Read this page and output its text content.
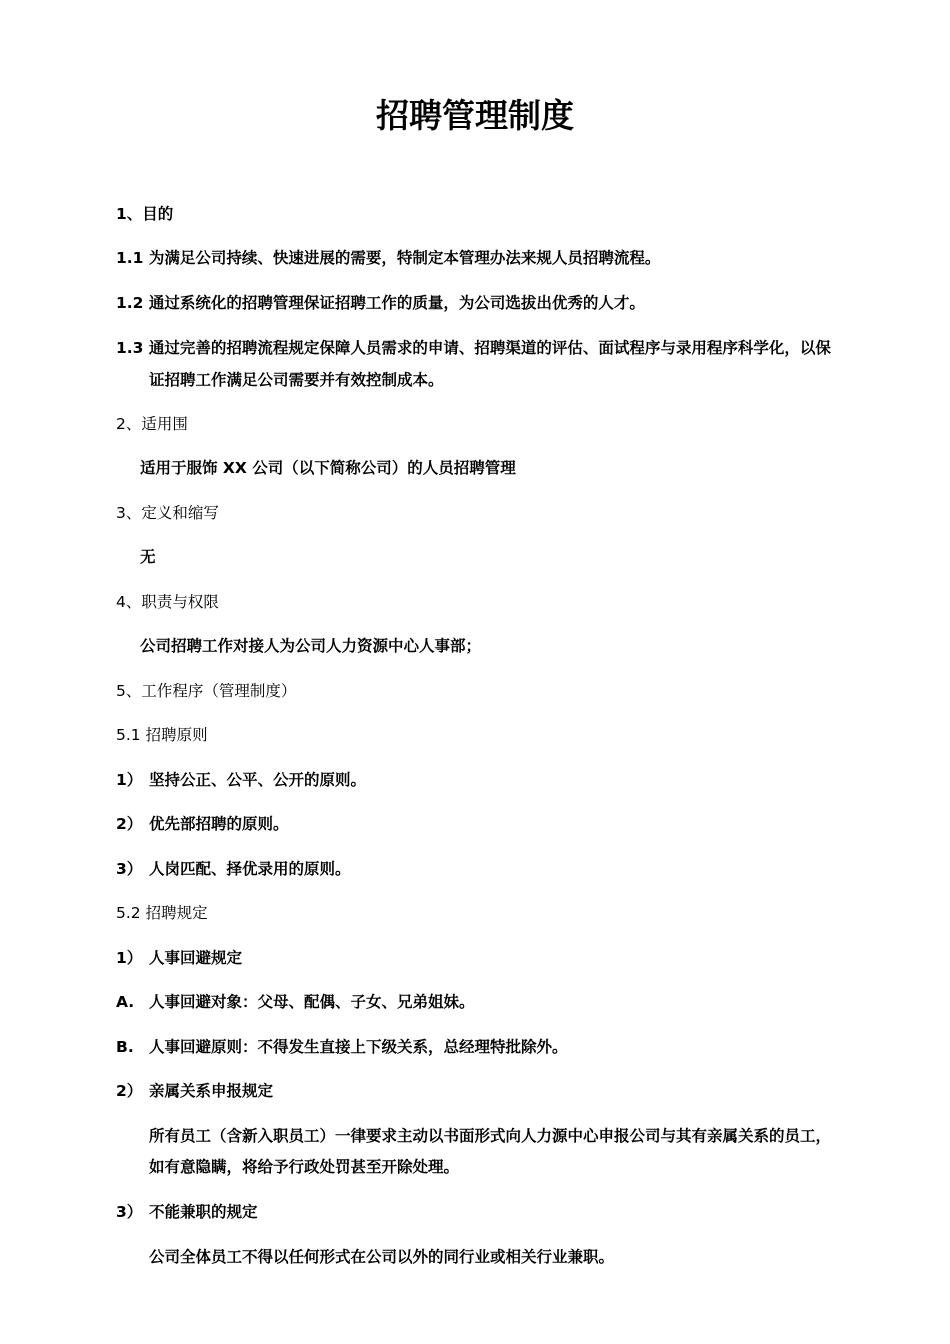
招聘管理制度

1、目的

1.1 为满足公司持续、快速进展的需要，特制定本管理办法来规人员招聘流程。

1.2 通过系统化的招聘管理保证招聘工作的质量，为公司选拔出优秀的人才。

1.3 通过完善的招聘流程规定保障人员需求的申请、招聘渠道的评估、面试程序与录用程序科学化，以保证招聘工作满足公司需要并有效控制成本。

2、适用围

适用于服饰 XX 公司（以下简称公司）的人员招聘管理

3、定义和缩写

无

4、职责与权限

公司招聘工作对接人为公司人力资源中心人事部；

5、工作程序（管理制度）

5.1 招聘原则

1） 坚持公正、公平、公开的原则。

2） 优先部招聘的原则。

3） 人岗匹配、择优录用的原则。

5.2 招聘规定

1） 人事回避规定

A. 人事回避对象：父母、配偶、子女、兄弟姐妹。

B. 人事回避原则：不得发生直接上下级关系，总经理特批除外。

2） 亲属关系申报规定

所有员工（含新入职员工）一律要求主动以书面形式向人力源中心申报公司与其有亲属关系的员工，如有意隐瞒，将给予行政处罚甚至开除处理。

3） 不能兼职的规定

公司全体员工不得以任何形式在公司以外的同行业或相关行业兼职。
